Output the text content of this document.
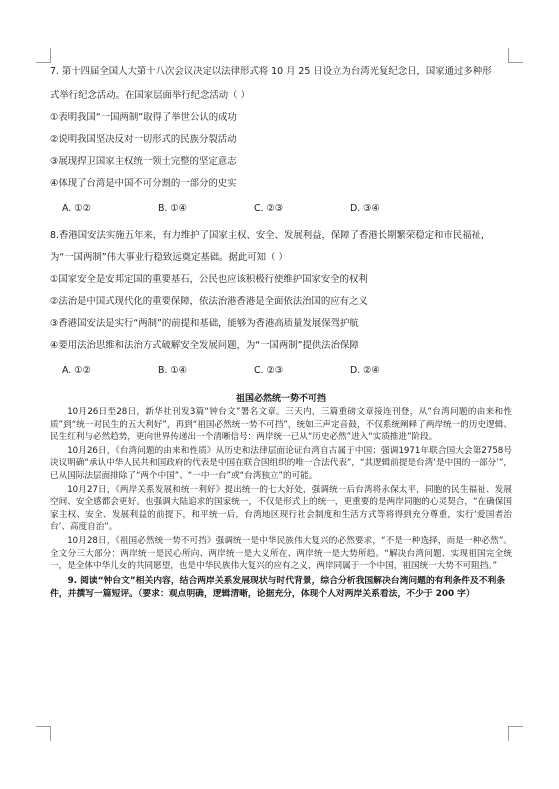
7. 第十四届全国人大第十八次会议决定以法律形式将 10 月 25 日设立为台湾光复纪念日，国家通过多种形
式举行纪念活动。在国家层面举行纪念活动（ ）
①表明我国“一国两制”取得了举世公认的成功
②说明我国坚决反对一切形式的民族分裂活动
③展现捍卫国家主权统一领土完整的坚定意志
④体现了台湾是中国不可分割的一部分的史实
A. ①②	B. ①④	C. ②③	D. ③④
8.香港国安法实施五年来，有力维护了国家主权、安全、发展利益，保障了香港长期繁荣稳定和市民福祉，
为“一国两制”伟大事业行稳致远奠定基础。据此可知（ ）
①国家安全是安邦定国的重要基石，公民也应该积极行使维护国家安全的权利
②法治是中国式现代化的重要保障，依法治港香港是全面依法治国的应有之义
③香港国安法是实行“两制”的前提和基础，能够为香港高质量发展保驾护航
④要用法治思维和法治方式破解安全发展问题，为“一国两制”提供法治保障
A. ①②	B. ①④	C. ②③	D. ②④
祖国必然统一势不可挡
10月26日至28日，新华社刊发3篇“钟台文”署名文章。三天内，三篇重磅文章接连刊登，从“台湾问题的由来和性质”到“统一对民生的五大利好”，再到“祖国必然统一势不可挡”，统如三声定音鼓，不仅系统阐释了两岸统一的历史逻辑、民生红利与必然趋势，更向世界传递出一个清晰信号：两岸统一已从“历史必然”进入“实质推进”阶段。
10月26日，《台湾问题的由来和性质》从历史和法律层面论证台湾自古属于中国；强调1971年联合国大会第2758号决议明确“承认中华人民共和国政府的代表是中国在联合国组织的唯一合法代表”，“其逻辑前提是台湾‘是中国的一部分’”，已从国际法层面排除了“两个中国”、“一中一台”或“台湾独立”的可能。
10月27日，《两岸关系发展和统一利好》提出统一的七大好处，强调统一后台湾将永保太平，同胞的民生福祉、发展空间、安全感都会更好。也强调大陆追求的国家统一，不仅是形式上的统一，更重要的是两岸同胞的心灵契合，“在确保国家主权、安全、发展利益的前提下，和平统一后，台湾地区现行社会制度和生活方式等将得到充分尊重，实行‘爱国者治台’、高度自治”。
10月28日，《祖国必然统一势不可挡》强调统一是中华民族伟大复兴的必然要求，“不是一种选择，而是一种必然”。全文分三大部分：两岸统一是民心所向、两岸统一是大义所在、两岸统一是大势所趋。“解决台湾问题、实现祖国完全统一，是全体中华儿女的共同愿望，也是中华民族伟大复兴的应有之义，两岸同属于一个中国，祖国统一大势不可阻挡。”
9. 阅读“钟台文”相关内容，结合两岸关系发展现状与时代背景，综合分析我国解决台湾问题的有利条件及不利条件，并撰写一篇短评。（要求：观点明确，逻辑清晰，论据充分，体现个人对两岸关系看法，不少于 200 字）
